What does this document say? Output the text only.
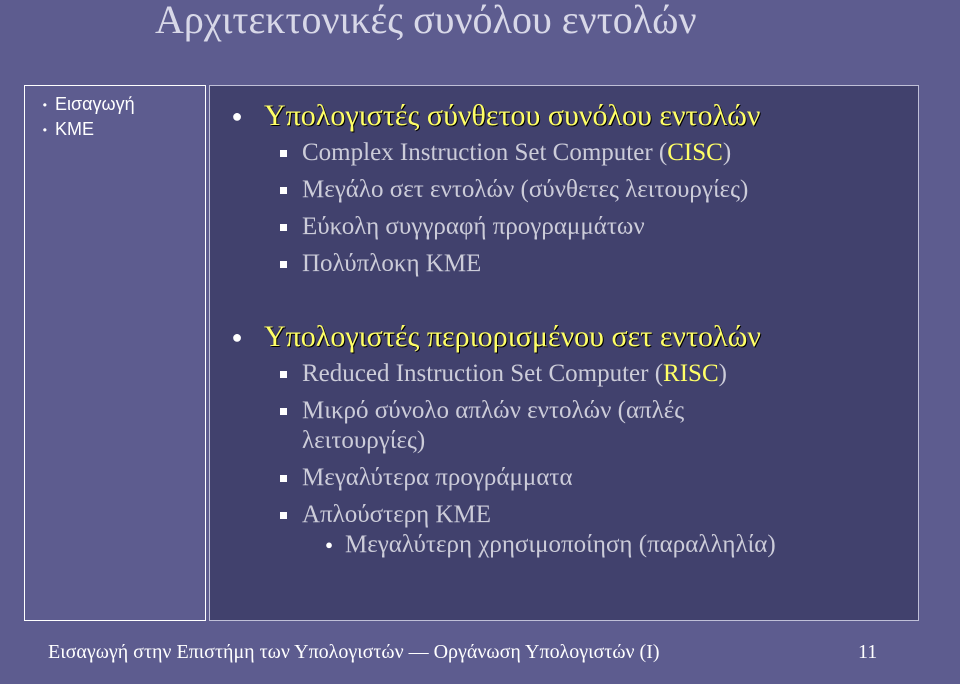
Αρχιτεκτονικές συνόλου εντολών
• Εισαγωγή
• ΚΜΕ
● Υπολογιστές σύνθετου συνόλου εντολών
Complex Instruction Set Computer (CISC)
Μεγάλο σετ εντολών (σύνθετες λειτουργίες)
Εύκολη συγγραφή προγραμμάτων
Πολύπλοκη ΚΜΕ
● Υπολογιστές περιορισμένου σετ εντολών
Reduced Instruction Set Computer (RISC)
Μικρό σύνολο απλών εντολών (απλές λειτουργίες)
Μεγαλύτερα προγράμματα
Απλούστερη ΚΜΕ
● Μεγαλύτερη χρησιμοποίηση (παραλληλία)
Εισαγωγή στην Επιστήμη των Υπολογιστών — Οργάνωση Υπολογιστών (Ι)	11
